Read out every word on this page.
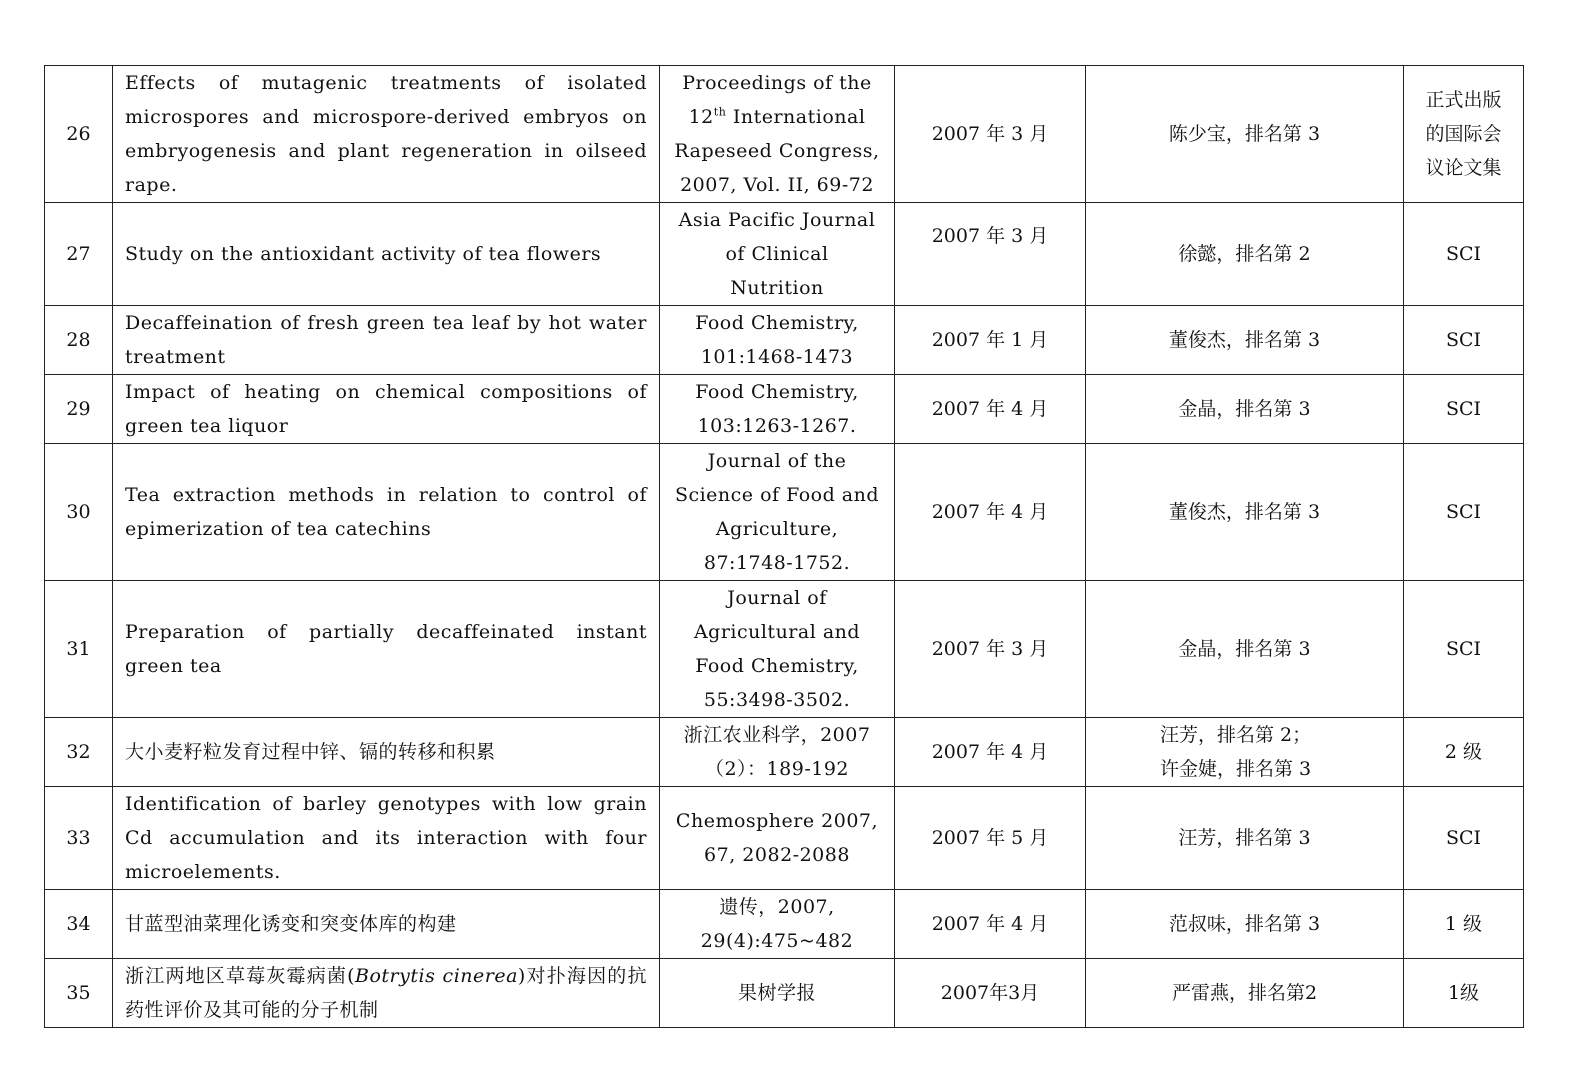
26	Effects of mutagenic treatments of isolated microspores and microspore-derived embryos on embryogenesis and plant regeneration in oilseed rape.	Proceedings of the
12th International
Rapeseed Congress,
2007, Vol. II, 69-72	2007 年 3 月	陈少宝，排名第 3	正式出版
的国际会
议论文集

27	Study on the antioxidant activity of tea flowers	Asia Pacific Journal
of Clinical
Nutrition	2007 年 3 月	徐懿，排名第 2	SCI
28	Decaffeination of fresh green tea leaf by hot water treatment	Food Chemistry,
101:1468-1473	2007 年 1 月	董俊杰，排名第 3	SCI
29	Impact of heating on chemical compositions of green tea liquor	Food Chemistry,
103:1263-1267.	2007 年 4 月	金晶，排名第 3	SCI
30	Tea extraction methods in relation to control of epimerization of tea catechins	Journal of the
Science of Food and
Agriculture,
87:1748-1752.	2007 年 4 月	董俊杰，排名第 3	SCI
31	Preparation of partially decaffeinated instant green tea	Journal of
Agricultural and
Food Chemistry,
55:3498-3502.	2007 年 3 月	金晶，排名第 3	SCI
32	大小麦籽粒发育过程中锌、镉的转移和积累	浙江农业科学，2007
（2）：189-192	2007 年 4 月	汪芳，排名第 2；
许金婕，排名第 3	2 级
33	Identification of barley genotypes with low grain Cd accumulation and its interaction with four microelements.	Chemosphere 2007,
67, 2082-2088	2007 年 5 月	汪芳，排名第 3	SCI
34	甘蓝型油菜理化诱变和突变体库的构建	遗传，2007,
29(4):475~482	2007 年 4 月	范叔味，排名第 3	1 级
35	浙江两地区草莓灰霉病菌(Botrytis cinerea)对扑海因的抗药性评价及其可能的分子机制	果树学报	2007年3月	严雷燕，排名第2	1级
